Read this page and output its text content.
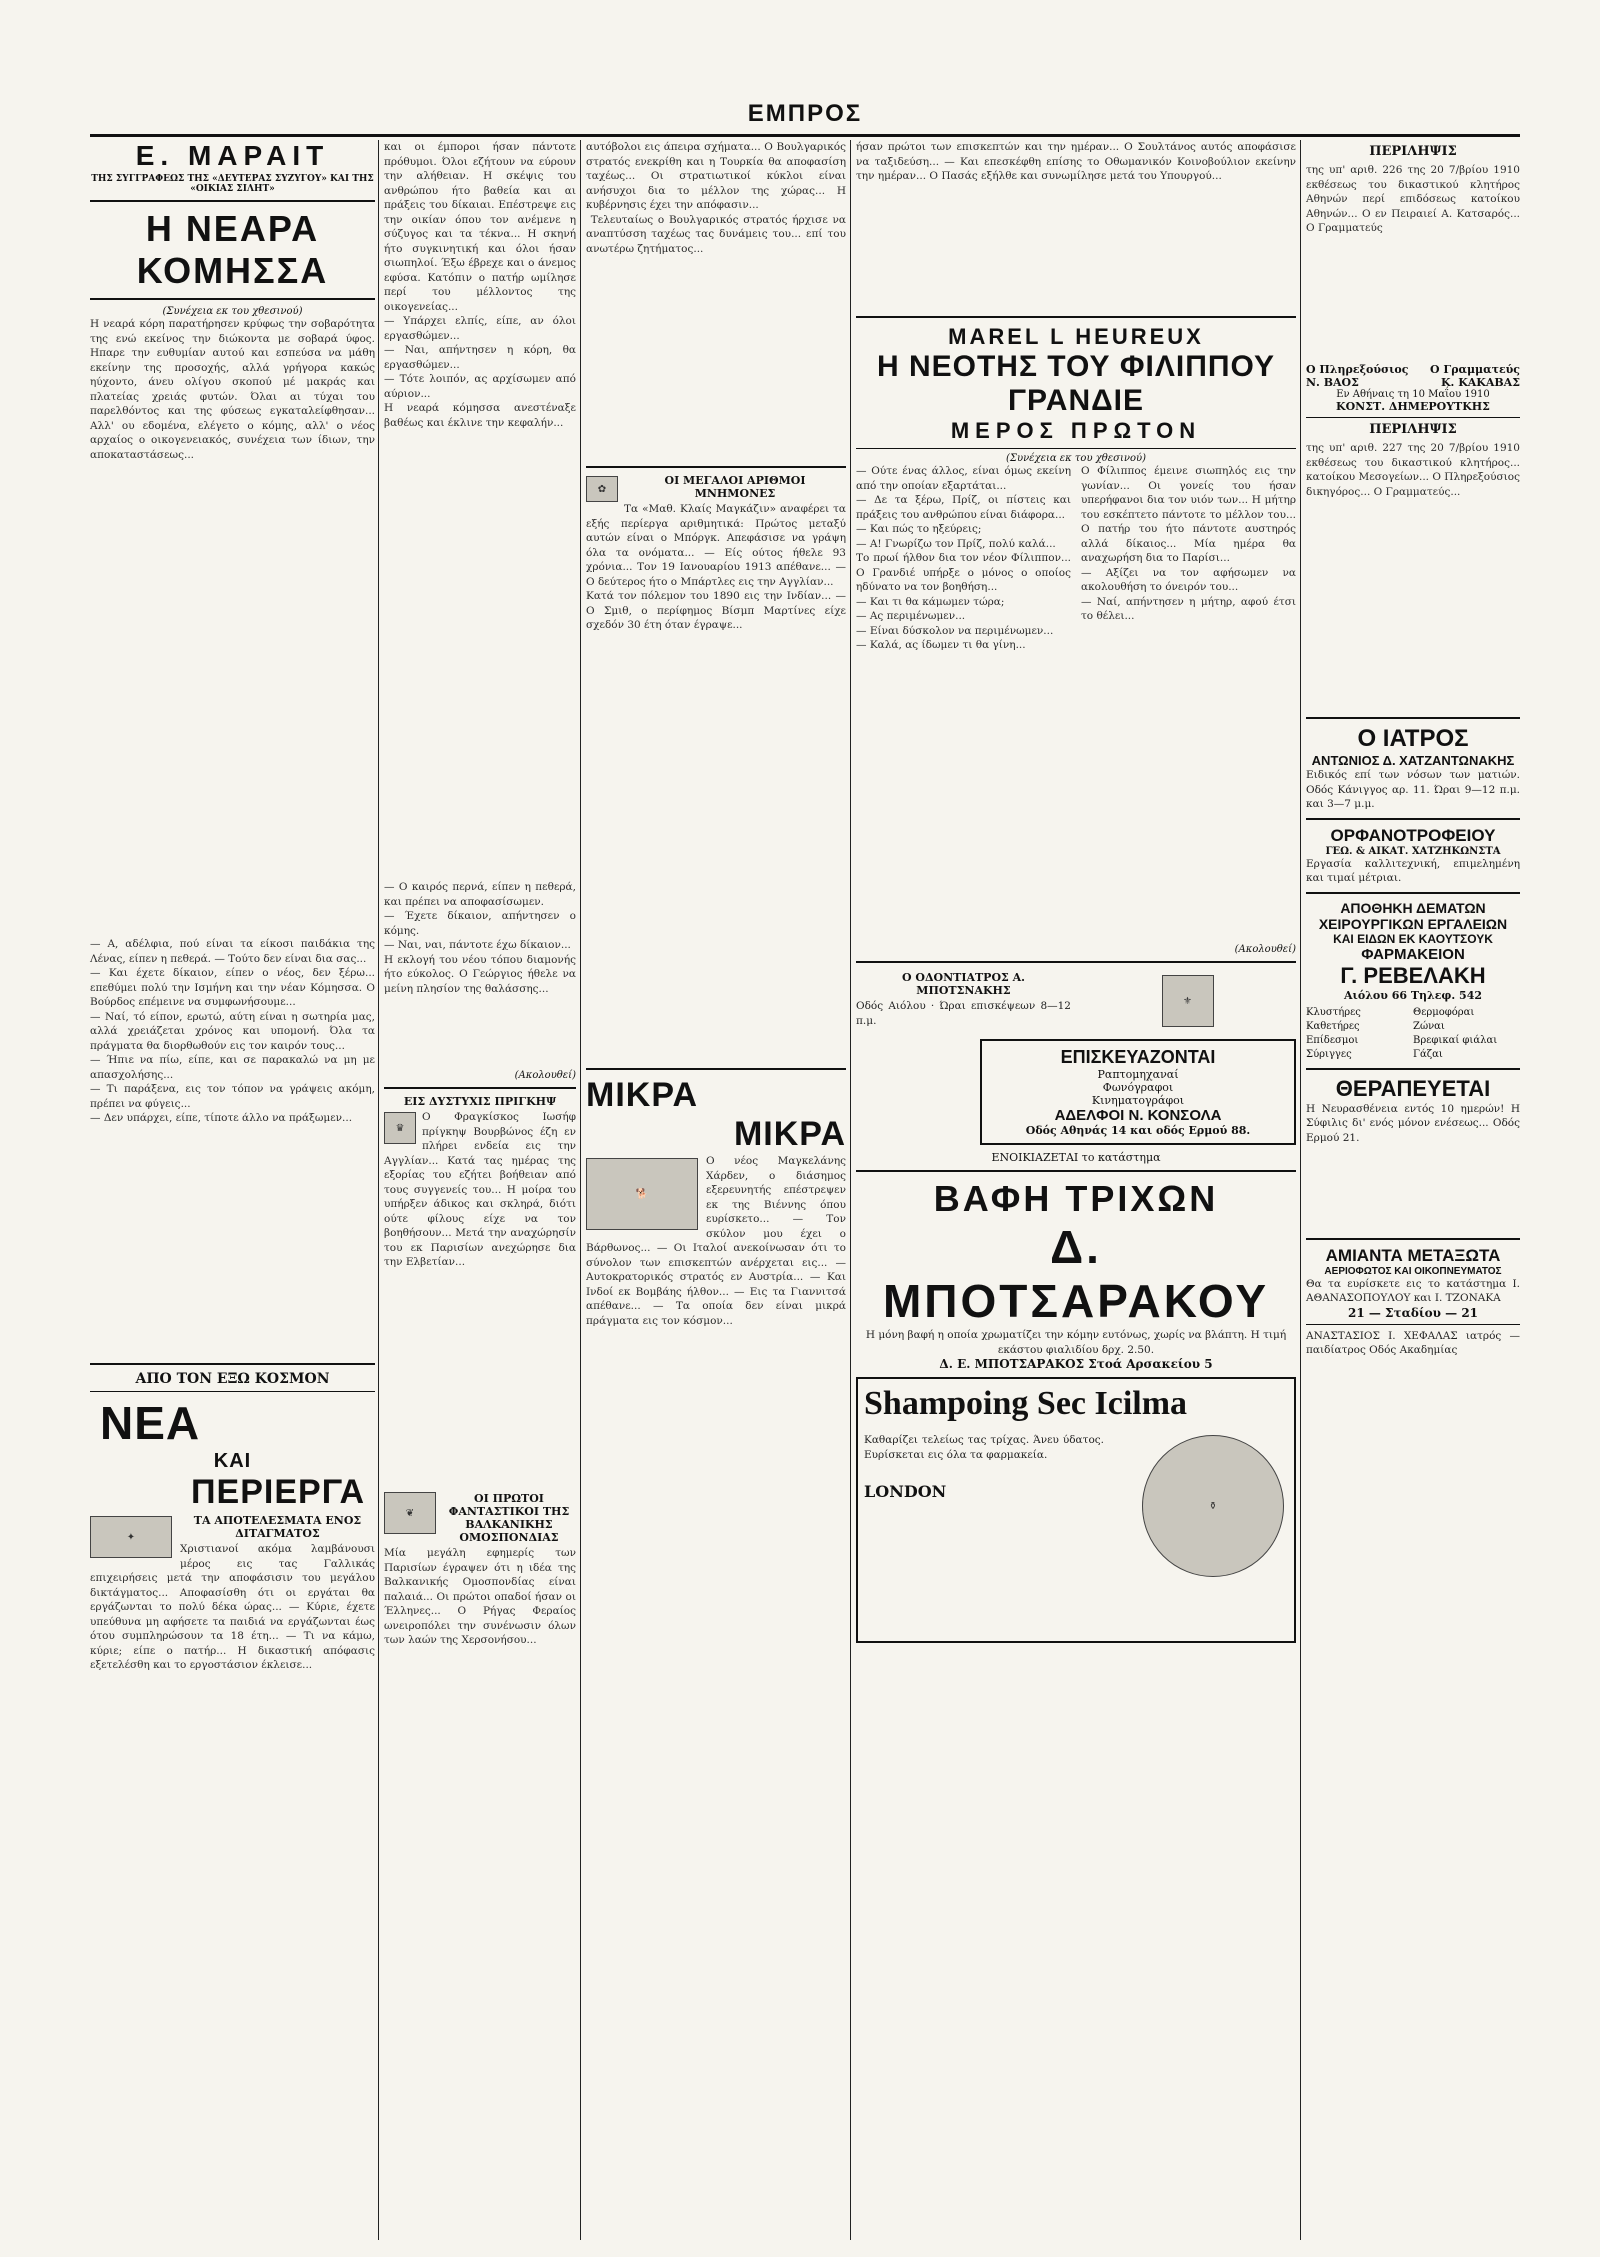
ΕΜΠΡΟΣ
Ε. ΜΑΡΑΙΤ
ΤΗΣ ΣΥΓΓΡΑΦΕΩΣ ΤΗΣ «ΔΕΥΤΕΡΑΣ ΣΥΖΥΓΟΥ» ΚΑΙ ΤΗΣ «ΟΙΚΙΑΣ ΣΙΛΗΤ»
Η ΝΕΑΡΑ ΚΟΜΗΣΣΑ
(Συνέχεια εκ του χθεσινού)
Η νεαρά κόρη παρατήρησεν κρύφως την σοβαρότητα της ενώ εκείνος την διώκοντα με σοβαρά ύφος. Ηπαρε την ευθυμίαν αυτού και εσπεύσα να μάθη εκείνην της προσοχής, αλλά γρήγορα κακώς ηύχοντο, άνευ ολίγου σκοπού μέ μακράς και πλατείας χρειάς φυτών. Όλαι αι τύχαι του παρελθόντος και της φύσεως εγκαταλείφθησαν... Αλλ' ου εδομένα, ελέγετο ο κόμης, αλλ' ο νέος αρχαίος ο οικογενειακός, συνέχεια των ίδιων, την αποκαταστάσεως...
— Α, αδέλφια, πού είναι τα είκοσι παιδάκια της Λένας, είπεν η πεθερά. — Τούτο δεν είναι δια σας...
— Και έχετε δίκαιον, είπεν ο νέος, δεν ξέρω... επεθύμει πολύ την Ισμήνη και την νέαν Κόμησσα. Ο Βούρδος επέμεινε να συμφωνήσουμε...
— Ναί, τό είπον, ερωτώ, αύτη είναι η σωτηρία μας, αλλά χρειάζεται χρόνος και υπομονή. Όλα τα πράγματα θα διορθωθούν εις τον καιρόν τους...
— Ήπιε να πίω, είπε, και σε παρακαλώ να μη με απασχολήσης...
— Τι παράξενα, εις τον τόπον να γράψεις ακόμη, πρέπει να φύγεις...
— Δεν υπάρχει, είπε, τίποτε άλλο να πράξωμεν...
ΑΠΟ ΤΟΝ ΕΞΩ ΚΟΣΜΟΝ
ΝΕΑ
ΚΑΙ
ΠΕΡΙΕΡΓΑ
✦
ΤΑ ΑΠΟΤΕΛΕΣΜΑΤΑ ΕΝΟΣ ΔΙΤΑΓΜΑΤΟΣ
Χριστιανοί ακόμα λαμβάνουσι μέρος εις τας Γαλλικάς επιχειρήσεις μετά την αποφάσισιν του μεγάλου δικτάγματος... Αποφασίσθη ότι οι εργάται θα εργάζωνται το πολύ δέκα ώρας... — Κύριε, έχετε υπεύθυνα μη αφήσετε τα παιδιά να εργάζωνται έως ότου συμπληρώσουν τα 18 έτη... — Τι να κάμω, κύριε; είπε ο πατήρ... Η δικαστική απόφασις εξετελέσθη και το εργοστάσιον έκλεισε...
και οι έμποροι ήσαν πάντοτε πρόθυμοι. Όλοι εζήτουν να εύρουν την αλήθειαν. Η σκέψις του ανθρώπου ήτο βαθεία και αι πράξεις του δίκαιαι. Επέστρεψε εις την οικίαν όπου τον ανέμενε η σύζυγος και τα τέκνα... Η σκηνή ήτο συγκινητική και όλοι ήσαν σιωπηλοί. Έξω έβρεχε και ο άνεμος εφύσα. Κατόπιν ο πατήρ ωμίλησε περί του μέλλοντος της οικογενείας...
— Υπάρχει ελπίς, είπε, αν όλοι εργασθώμεν...
— Ναι, απήντησεν η κόρη, θα εργασθώμεν...
— Τότε λοιπόν, ας αρχίσωμεν από αύριον...
Η νεαρά κόμησσα ανεστέναξε βαθέως και έκλινε την κεφαλήν...
— Ο καιρός περνά, είπεν η πεθερά, και πρέπει να αποφασίσωμεν.
— Έχετε δίκαιον, απήντησεν ο κόμης.
— Ναι, ναι, πάντοτε έχω δίκαιον...
Η εκλογή του νέου τόπου διαμονής ήτο εύκολος. Ο Γεώργιος ήθελε να μείνη πλησίον της θαλάσσης...
(Ακολουθεί)
ΕΙΣ ΔΥΣΤΥΧΙΣ ΠΡΙΓΚΗΨ
♛
Ο Φραγκίσκος Ιωσήφ πρίγκηψ Βουρβώνος έζη εν πλήρει ενδεία εις την Αγγλίαν... Κατά τας ημέρας της εξορίας του εζήτει βοήθειαν από τους συγγενείς του... Η μοίρα του υπήρξεν άδικος και σκληρά, διότι ούτε φίλους είχε να τον βοηθήσουν... Μετά την αναχώρησίν του εκ Παρισίων ανεχώρησε δια την Ελβετίαν...
❦
ΟΙ ΠΡΩΤΟΙ ΦΑΝΤΑΣΤΙΚΟΙ ΤΗΣ ΒΑΛΚΑΝΙΚΗΣ ΟΜΟΣΠΟΝΔΙΑΣ
Μία μεγάλη εφημερίς των Παρισίων έγραψεν ότι η ιδέα της Βαλκανικής Ομοσπονδίας είναι παλαιά... Οι πρώτοι οπαδοί ήσαν οι Έλληνες... Ο Ρήγας Φεραίος ωνειροπόλει την συνένωσιν όλων των λαών της Χερσονήσου...
αυτόβολοι εις άπειρα σχήματα... Ο Βουλγαρικός στρατός ενεκρίθη και η Τουρκία θα αποφασίση ταχέως... Οι στρατιωτικοί κύκλοι είναι ανήσυχοι δια το μέλλον της χώρας... Η κυβέρνησις έχει την απόφασιν...
Τελευταίως ο Βουλγαρικός στρατός ήρχισε να αναπτύσση ταχέως τας δυνάμεις του... επί του ανωτέρω ζητήματος...
✿
ΟΙ ΜΕΓΑΛΟΙ ΑΡΙΘΜΟΙ ΜΝΗΜΟΝΕΣ
Τα «Μαθ. Κλαίς Μαγκάζιν» αναφέρει τα εξής περίεργα αριθμητικά: Πρώτος μεταξύ αυτών είναι ο Μπόργκ. Απεφάσισε να γράψη όλα τα ονόματα... — Είς ούτος ήθελε 93 χρόνια... Τον 19 Ιανουαρίου 1913 απέθανε... — Ο δεύτερος ήτο ο Μπάρτλες εις την Αγγλίαν...
Κατά τον πόλεμον του 1890 εις την Ινδίαν... — Ο Σμιθ, ο περίφημος Βίσμπ Μαρτίνες είχε σχεδόν 30 έτη όταν έγραψε...
ΜΙΚΡΑ
ΜΙΚΡΑ
🐕
Ο νέος Μαγκελάνης Χάρδεν, ο διάσημος εξερευνητής επέστρεψεν εκ της Βιέννης όπου ευρίσκετο... — Τον σκύλον μου έχει ο Βάρθωνος... — Οι Ιταλοί ανεκοίνωσαν ότι το σύνολον των επισκεπτών ανέρχεται εις... — Αυτοκρατορικός στρατός εν Αυστρία... — Και Ινδοί εκ Βομβάης ήλθον... — Εις τα Γιαννιτσά απέθανε... — Τα οποία δεν είναι μικρά πράγματα εις τον κόσμον...
ήσαν πρώτοι των επισκεπτών και την ημέραν... Ο Σουλτάνος αυτός αποφάσισε να ταξιδεύση... — Και επεσκέφθη επίσης το Οθωμανικόν Κοινοβούλιον εκείνην την ημέραν... Ο Πασάς εξήλθε και συνωμίλησε μετά του Υπουργού...
MAREL L HEUREUX
Η ΝΕΟΤΗΣ ΤΟΥ ΦΙΛΙΠΠΟΥ ΓΡΑΝΔΙΕ
ΜΕΡΟΣ ΠΡΩΤΟΝ
(Συνέχεια εκ του χθεσινού)
— Ούτε ένας άλλος, είναι όμως εκείνη από την οποίαν εξαρτάται...
— Δε τα ξέρω, Πρίζ, οι πίστεις και πράξεις του ανθρώπου είναι διάφορα...
— Και πώς το ηξεύρεις;
— Α! Γνωρίζω τον Πρίζ, πολύ καλά...
Το πρωί ήλθον δια τον νέον Φίλιππον... Ο Γρανδιέ υπήρξε ο μόνος ο οποίος ηδύνατο να τον βοηθήση...
— Και τι θα κάμωμεν τώρα;
— Ας περιμένωμεν...
— Είναι δύσκολον να περιμένωμεν...
— Καλά, ας ίδωμεν τι θα γίνη...
Ο Φίλιππος έμεινε σιωπηλός εις την γωνίαν... Οι γονείς του ήσαν υπερήφανοι δια τον υιόν των... Η μήτηρ του εσκέπτετο πάντοτε το μέλλον του... Ο πατήρ του ήτο πάντοτε αυστηρός αλλά δίκαιος... Μία ημέρα θα αναχωρήση δια το Παρίσι...
— Αξίζει να τον αφήσωμεν να ακολουθήση το όνειρόν του...
— Ναί, απήντησεν η μήτηρ, αφού έτσι το θέλει...
(Ακολουθεί)
Ο ΟΔΟΝΤΙΑΤΡΟΣ Α. ΜΠΟΤΣΝΑΚΗΣ
Οδός Αιόλου · Ώραι επισκέψεων 8—12 π.μ.
⚜
ΕΠΙΣΚΕΥΑΖΟΝΤΑΙ
Ραπτομηχαναί
Φωνόγραφοι
Κινηματογράφοι
ΑΔΕΛΦΟΙ Ν. ΚΟΝΣΟΛΑ
Οδός Αθηνάς 14 και οδός Ερμού 88.
ΕΝΟΙΚΙΑΖΕΤΑΙ το κατάστημα
ΒΑΦΗ ΤΡΙΧΩΝ
Δ. ΜΠΟΤΣΑΡΑΚΟΥ
Η μόνη βαφή η οποία χρωματίζει την κόμην ευτόνως, χωρίς να βλάπτη. Η τιμή εκάστου φιαλιδίου δρχ. 2.50.
Δ. Ε. ΜΠΟΤΣΑΡΑΚΟΣ Στοά Αρσακείου 5
Shampoing Sec Icilma
Καθαρίζει τελείως τας τρίχας. Άνευ ύδατος. Ευρίσκεται εις όλα τα φαρμακεία.
LONDON
⚱
ΠΕΡΙΛΗΨΙΣ
της υπ' αριθ. 226 της 20 7/βρίου 1910 εκθέσεως του δικαστικού κλητήρος Αθηνών περί επιδόσεως κατοίκου Αθηνών... Ο εν Πειραιεί Α. Κατσαρός... Ο Γραμματεύς
Ο Πληρεξούσιος Ο Γραμματεύς
Ν. ΒΑΟΣ	Κ. ΚΑΚΑΒΑΣ
Εν Αθήναις τη 10 Μαΐου 1910
ΚΟΝΣΤ. ΔΗΜΕΡΟΥΤΚΗΣ
ΠΕΡΙΛΗΨΙΣ
της υπ' αριθ. 227 της 20 7/βρίου 1910 εκθέσεως του δικαστικού κλητήρος... κατοίκου Μεσογείων... Ο Πληρεξούσιος δικηγόρος... Ο Γραμματεύς...
Ο ΙΑΤΡΟΣ
ΑΝΤΩΝΙΟΣ Δ. ΧΑΤΖΑΝΤΩΝΑΚΗΣ
Ειδικός επί των νόσων των ματιών. Οδός Κάνιγγος αρ. 11. Ώραι 9—12 π.μ. και 3—7 μ.μ.
ΟΡΦΑΝΟΤΡΟΦΕΙΟΥ
ΓΕΩ. & ΑΙΚΑΤ. ΧΑΤΖΗΚΩΝΣΤΑ
Εργασία καλλιτεχνική, επιμελημένη και τιμαί μέτριαι.
ΑΠΟΘΗΚΗ ΔΕΜΑΤΩΝ ΧΕΙΡΟΥΡΓΙΚΩΝ ΕΡΓΑΛΕΙΩΝ
ΚΑΙ ΕΙΔΩΝ ΕΚ ΚΑΟΥΤΣΟΥΚ
ΦΑΡΜΑΚΕΙΟΝ
Γ. ΡΕΒΕΛΑΚΗ
Αιόλου 66 Τηλεφ. 542
Κλυστήρες	Θερμοφόραι
Καθετήρες	Ζώναι
Επίδεσμοι	Βρεφικαί φιάλαι
Σύριγγες	Γάζαι
ΘΕΡΑΠΕΥΕΤΑΙ
Η Νευρασθένεια εντός 10 ημερών! Η Σύφιλις δι' ενός μόνον ενέσεως... Οδός Ερμού 21.
ΑΜΙΑΝΤΑ ΜΕΤΑΞΩΤΑ
ΑΕΡΙΟΦΩΤΟΣ ΚΑΙ ΟΙΚΟΠΝΕΥΜΑΤΟΣ
Θα τα ευρίσκετε εις το κατάστημα Ι. ΑΘΑΝΑΣΟΠΟΥΛΟΥ και Ι. ΤΖΟΝΑΚΑ
21 — Σταδίου — 21
ΑΝΑΣΤΑΣΙΟΣ Ι. ΧΕΦΑΛΑΣ ιατρός — παιδίατρος Οδός Ακαδημίας
